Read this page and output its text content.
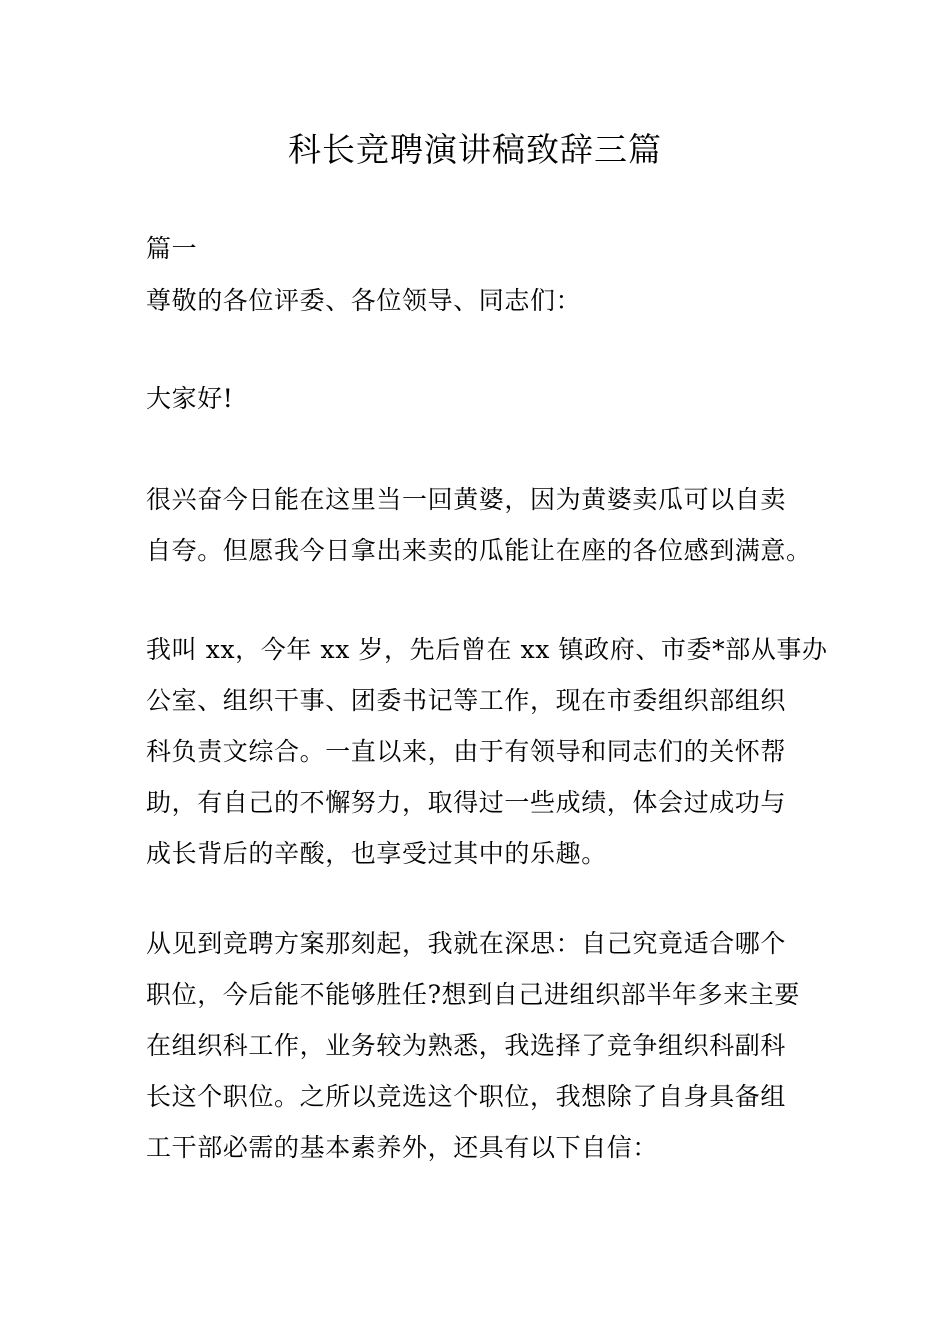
科长竞聘演讲稿致辞三篇

篇一

尊敬的各位评委、各位领导、同志们：

大家好!

很兴奋今日能在这里当一回黄婆，因为黄婆卖瓜可以自卖
自夸。但愿我今日拿出来卖的瓜能让在座的各位感到满意。
我叫 xx，今年 xx 岁，先后曾在 xx 镇政府、市委*部从事办
公室、组织干事、团委书记等工作，现在市委组织部组织
科负责文综合。一直以来，由于有领导和同志们的关怀帮
助，有自己的不懈努力，取得过一些成绩，体会过成功与
成长背后的辛酸，也享受过其中的乐趣。
从见到竞聘方案那刻起，我就在深思：自己究竟适合哪个
职位，今后能不能够胜任?想到自己进组织部半年多来主要
在组织科工作，业务较为熟悉，我选择了竞争组织科副科
长这个职位。之所以竞选这个职位，我想除了自身具备组
工干部必需的基本素养外，还具有以下自信：
